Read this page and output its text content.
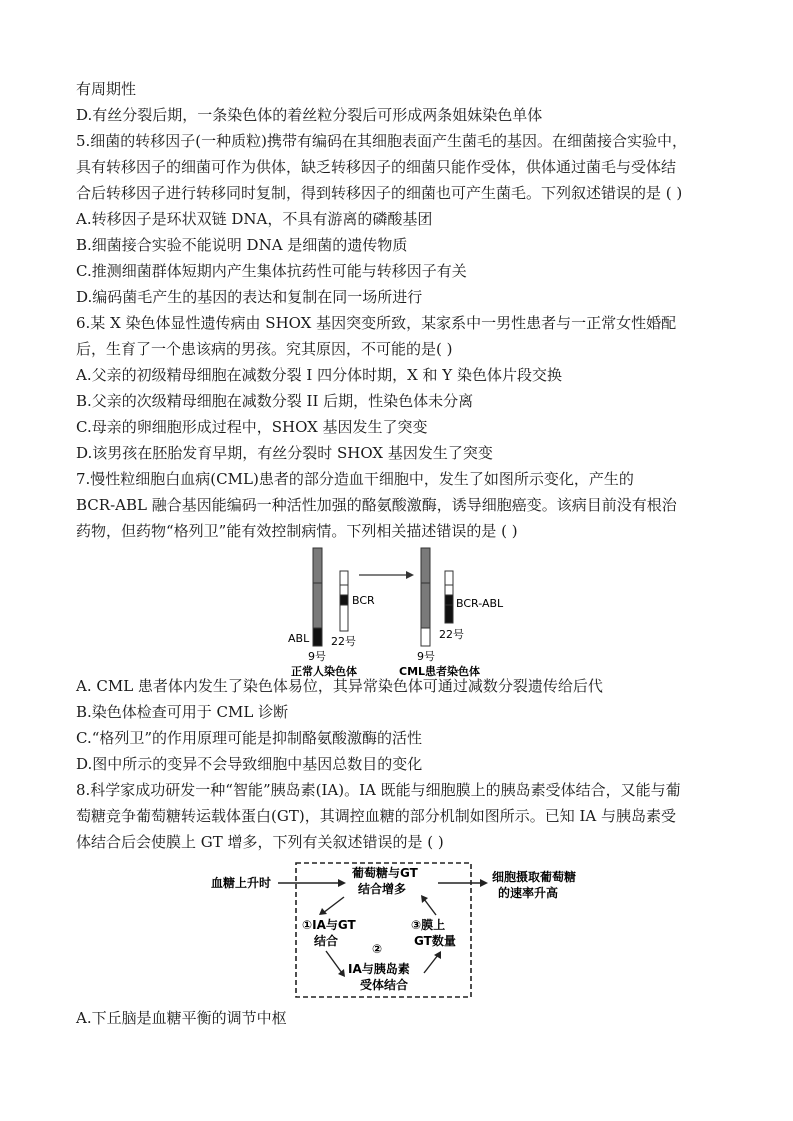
有周期性
D.有丝分裂后期，一条染色体的着丝粒分裂后可形成两条姐妹染色单体
5.细菌的转移因子(一种质粒)携带有编码在其细胞表面产生菌毛的基因。在细菌接合实验中，
具有转移因子的细菌可作为供体，缺乏转移因子的细菌只能作受体，供体通过菌毛与受体结
合后转移因子进行转移同时复制，得到转移因子的细菌也可产生菌毛。下列叙述错误的是 ( )
A.转移因子是环状双链 DNA，不具有游离的磷酸基团
B.细菌接合实验不能说明 DNA 是细菌的遗传物质
C.推测细菌群体短期内产生集体抗药性可能与转移因子有关
D.编码菌毛产生的基因的表达和复制在同一场所进行
6.某 X 染色体显性遗传病由 SHOX 基因突变所致，某家系中一男性患者与一正常女性婚配
后，生育了一个患该病的男孩。究其原因，不可能的是( )
A.父亲的初级精母细胞在减数分裂 I 四分体时期，X 和 Y 染色体片段交换
B.父亲的次级精母细胞在减数分裂 II 后期，性染色体未分离
C.母亲的卵细胞形成过程中，SHOX 基因发生了突变
D.该男孩在胚胎发育早期，有丝分裂时 SHOX 基因发生了突变
7.慢性粒细胞白血病(CML)患者的部分造血干细胞中，发生了如图所示变化，产生的
BCR-ABL 融合基因能编码一种活性加强的酪氨酸激酶，诱导细胞癌变。该病目前没有根治
药物，但药物“格列卫”能有效控制病情。下列相关描述错误的是 ( )
ABL
BCR
22号
9号
正常人染色体
BCR-ABL
22号
9号
CML患者染色体
A. CML 患者体内发生了染色体易位，其异常染色体可通过减数分裂遗传给后代
B.染色体检查可用于 CML 诊断
C.“格列卫”的作用原理可能是抑制酪氨酸激酶的活性
D.图中所示的变异不会导致细胞中基因总数目的变化
8.科学家成功研发一种“智能”胰岛素(IA)。IA 既能与细胞膜上的胰岛素受体结合，又能与葡
萄糖竞争葡萄糖转运载体蛋白(GT)，其调控血糖的部分机制如图所示。已知 IA 与胰岛素受
体结合后会使膜上 GT 增多，下列有关叙述错误的是 ( )
血糖上升时
葡萄糖与GT
结合增多
细胞摄取葡萄糖
的速率升高
①IA与GT
结合
②
IA与胰岛素
受体结合
③膜上
GT数量
A.下丘脑是血糖平衡的调节中枢
